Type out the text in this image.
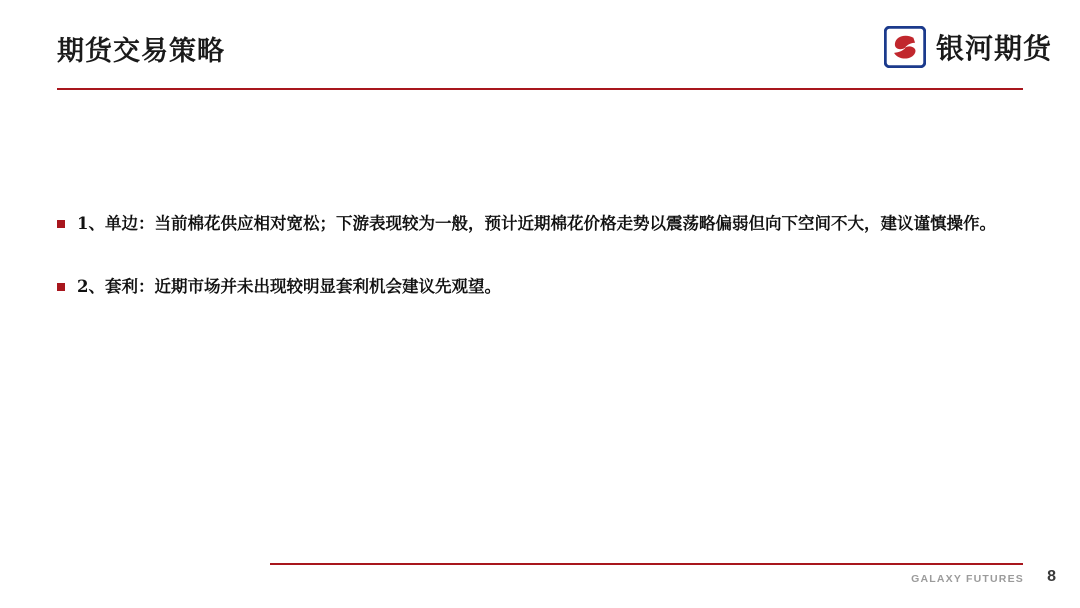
期货交易策略	银河期货
1、单边：当前棉花供应相对宽松；下游表现较为一般，预计近期棉花价格走势以震荡略偏弱但向下空间不大，建议谨慎操作。
2、套利：近期市场并未出现较明显套利机会建议先观望。
GALAXY FUTURES 8
